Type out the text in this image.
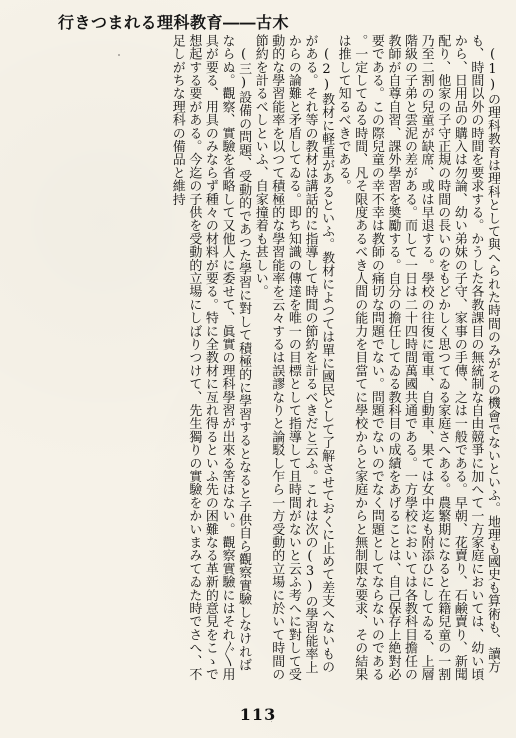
行きつまれる理科教育――古木

(1)の理科教育は理科として與へられた時間のみがその機會でないといふ。地理も國史も算術も、讀方も、時間以外の時間を要求する。かうした各教課目の無統制な自由競爭に加へて一方家庭においては、幼い頃から、日用品の購入は勿論、幼い弟妹の子守、家事の手傳、之は一般である。早朝、花賣り、石鹸賣り、新聞配り、他家の子守正規の時間の長いのをもどかしく思つてゐる家庭さへある。農繁期になると在籍兒童の一割乃至二割の兒童が缺席、或は早退する。學校の往復に電車、自動車、果ては女中迄も附添ひにしてゐる、上層階級の子弟と雲泥の差がある。而して一日は二十四時間萬國共通である。一方學校においては各教科目擔任の教師が自尊自習、課外學習を奬勵する。自分の擔任してゐる教科目の成績をあげることは、自己保存上絶對必要である。この際兒童の幸不幸は教師の痛切な問題でない。問題でないのでなく問題としてならないのである。一定してゐる時間、凡そ限度あるべき人間の能力を目當てに學校からと家庭からと無制限な要求、その結果は推して知るべきである。

(2)教材に軽重があるといふ。教材によつては單に國民として了解させておくに止めて差支へないものがある。それ等の教材は講話的に指導して時間の節約を計るべきだと云ふ。これは次の(3)の學習能率上からの論難と矛盾してゐる。即ち知識の傳達を唯一の目標として指導して且時間がないと云ふ考へに對して受動的な學習能率を以つて積極的な學習能率を云々するは誤謬なりと論駁し乍ら一方受動的立場に於いて時間の節約を計るべしといふ、自家撞着も甚しい。

(三)設備の問題、受動的であつた學習に對して積極的に學習するとなると子供自ら觀察實驗しなければならぬ。觀察、實驗を省略して又他人に委せて、眞實の理科學習が出來る筈はない。觀察實驗にはそれ〴〵用具が要る、用具のみならず種々の材料が要る。特に全教材に亙れ得るといふ先の困難なる革新的意見をこゝで想起する要がある。今迄の子供を受動的立場にしばりつけて、先生獨りの實驗をかいまみてゐた時でさへ、不足しがちな理科の備品と維持

113
